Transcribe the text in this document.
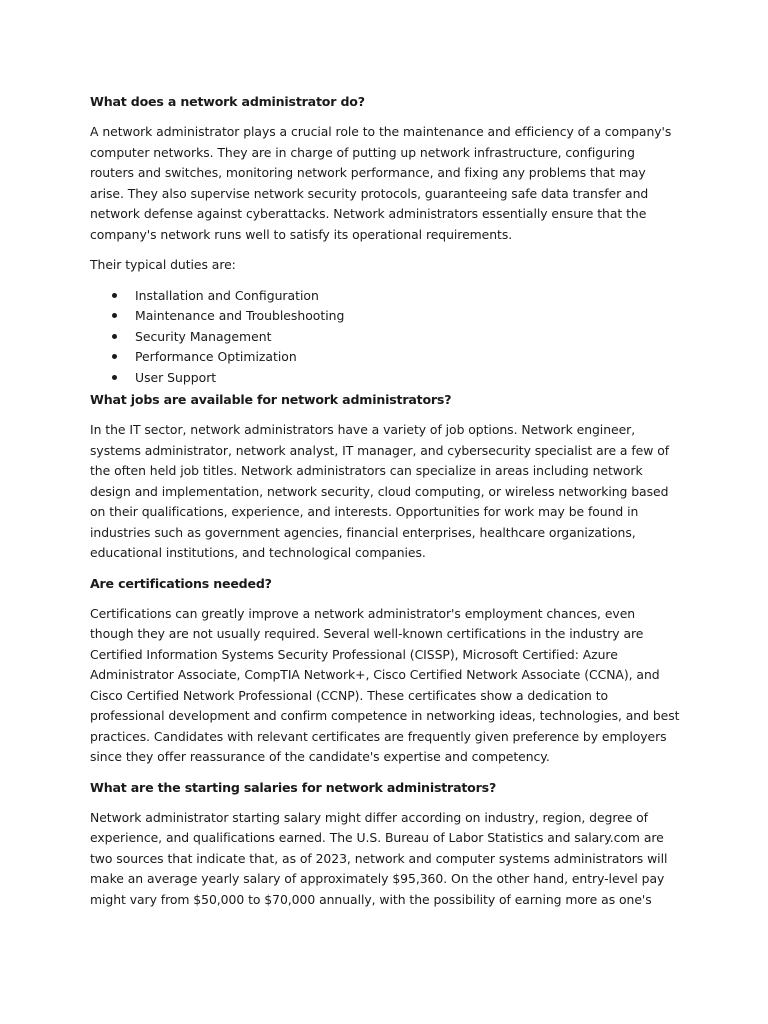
What does a network administrator do?

A network administrator plays a crucial role to the maintenance and efficiency of a company's computer networks. They are in charge of putting up network infrastructure, configuring routers and switches, monitoring network performance, and fixing any problems that may arise. They also supervise network security protocols, guaranteeing safe data transfer and network defense against cyberattacks. Network administrators essentially ensure that the company's network runs well to satisfy its operational requirements.

Their typical duties are:

Installation and Configuration
Maintenance and Troubleshooting
Security Management
Performance Optimization
User Support
What jobs are available for network administrators?

In the IT sector, network administrators have a variety of job options. Network engineer, systems administrator, network analyst, IT manager, and cybersecurity specialist are a few of the often held job titles. Network administrators can specialize in areas including network design and implementation, network security, cloud computing, or wireless networking based on their qualifications, experience, and interests. Opportunities for work may be found in industries such as government agencies, financial enterprises, healthcare organizations, educational institutions, and technological companies.

Are certifications needed?

Certifications can greatly improve a network administrator's employment chances, even though they are not usually required. Several well-known certifications in the industry are Certified Information Systems Security Professional (CISSP), Microsoft Certified: Azure Administrator Associate, CompTIA Network+, Cisco Certified Network Associate (CCNA), and Cisco Certified Network Professional (CCNP). These certificates show a dedication to professional development and confirm competence in networking ideas, technologies, and best practices. Candidates with relevant certificates are frequently given preference by employers since they offer reassurance of the candidate's expertise and competency.

What are the starting salaries for network administrators?

Network administrator starting salary might differ according on industry, region, degree of experience, and qualifications earned. The U.S. Bureau of Labor Statistics and salary.com are two sources that indicate that, as of 2023, network and computer systems administrators will make an average yearly salary of approximately $95,360. On the other hand, entry-level pay might vary from $50,000 to $70,000 annually, with the possibility of earning more as one's
